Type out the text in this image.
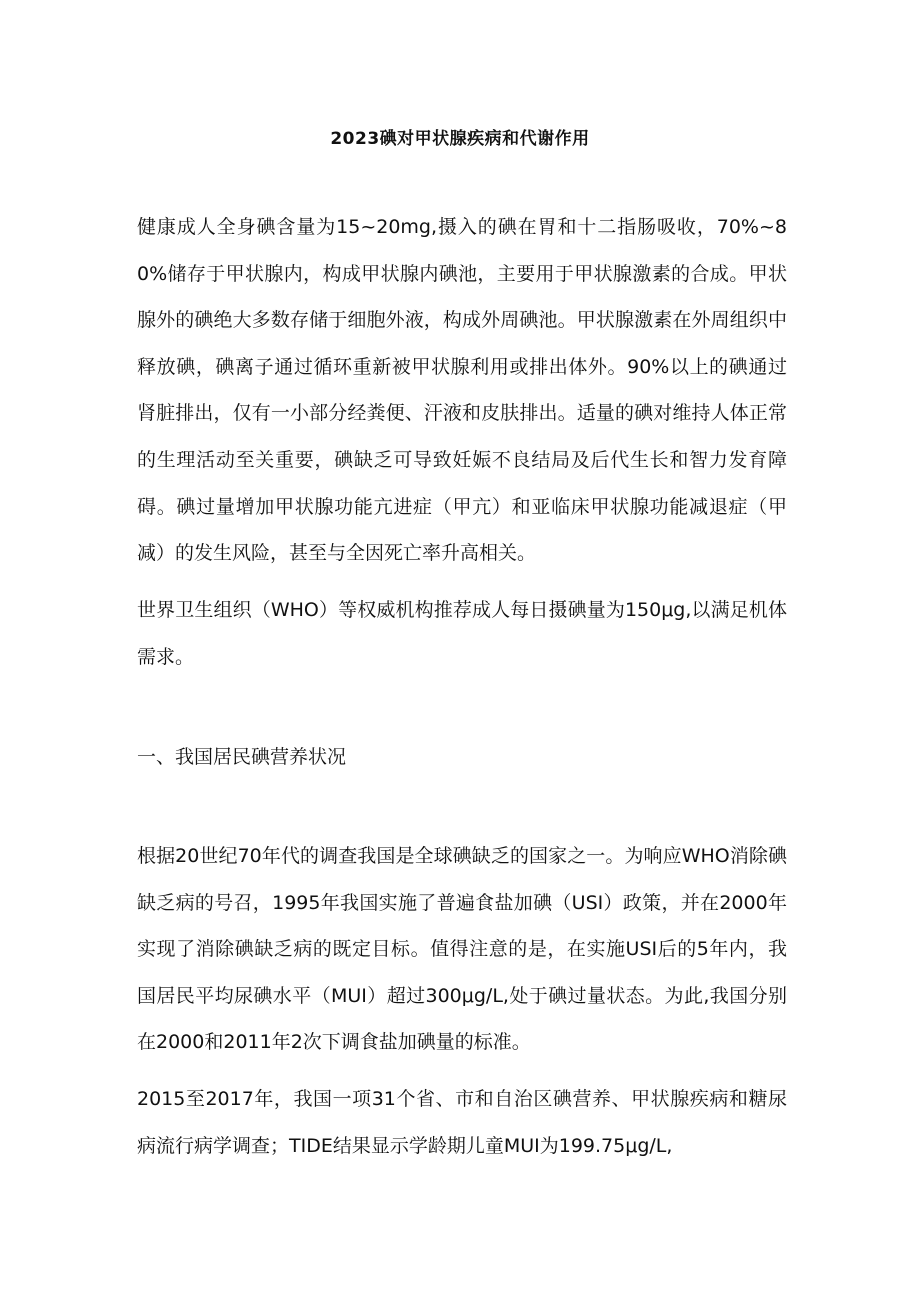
2023碘对甲状腺疾病和代谢作用

健康成人全身碘含量为15~20mg,摄入的碘在胃和十二指肠吸收，70%~80%储存于甲状腺内，构成甲状腺内碘池，主要用于甲状腺激素的合成。甲状腺外的碘绝大多数存储于细胞外液，构成外周碘池。甲状腺激素在外周组织中释放碘，碘离子通过循环重新被甲状腺利用或排出体外。90%以上的碘通过肾脏排出，仅有一小部分经粪便、汗液和皮肤排出。适量的碘对维持人体正常的生理活动至关重要，碘缺乏可导致妊娠不良结局及后代生长和智力发育障碍。碘过量增加甲状腺功能亢进症（甲亢）和亚临床甲状腺功能减退症（甲减）的发生风险，甚至与全因死亡率升高相关。

世界卫生组织（WHO）等权威机构推荐成人每日摄碘量为150μg,以满足机体需求。

一、我国居民碘营养状况

根据20世纪70年代的调查我国是全球碘缺乏的国家之一。为响应WHO消除碘缺乏病的号召，1995年我国实施了普遍食盐加碘（USI）政策，并在2000年实现了消除碘缺乏病的既定目标。值得注意的是，在实施USI后的5年内，我国居民平均尿碘水平（MUI）超过300μg∕L,处于碘过量状态。为此,我国分别在2000和2011年2次下调食盐加碘量的标准。

2015至2017年，我国一项31个省、市和自治区碘营养、甲状腺疾病和糖尿病流行病学调查；TIDE结果显示学龄期儿童MUI为199.75μg∕L,
